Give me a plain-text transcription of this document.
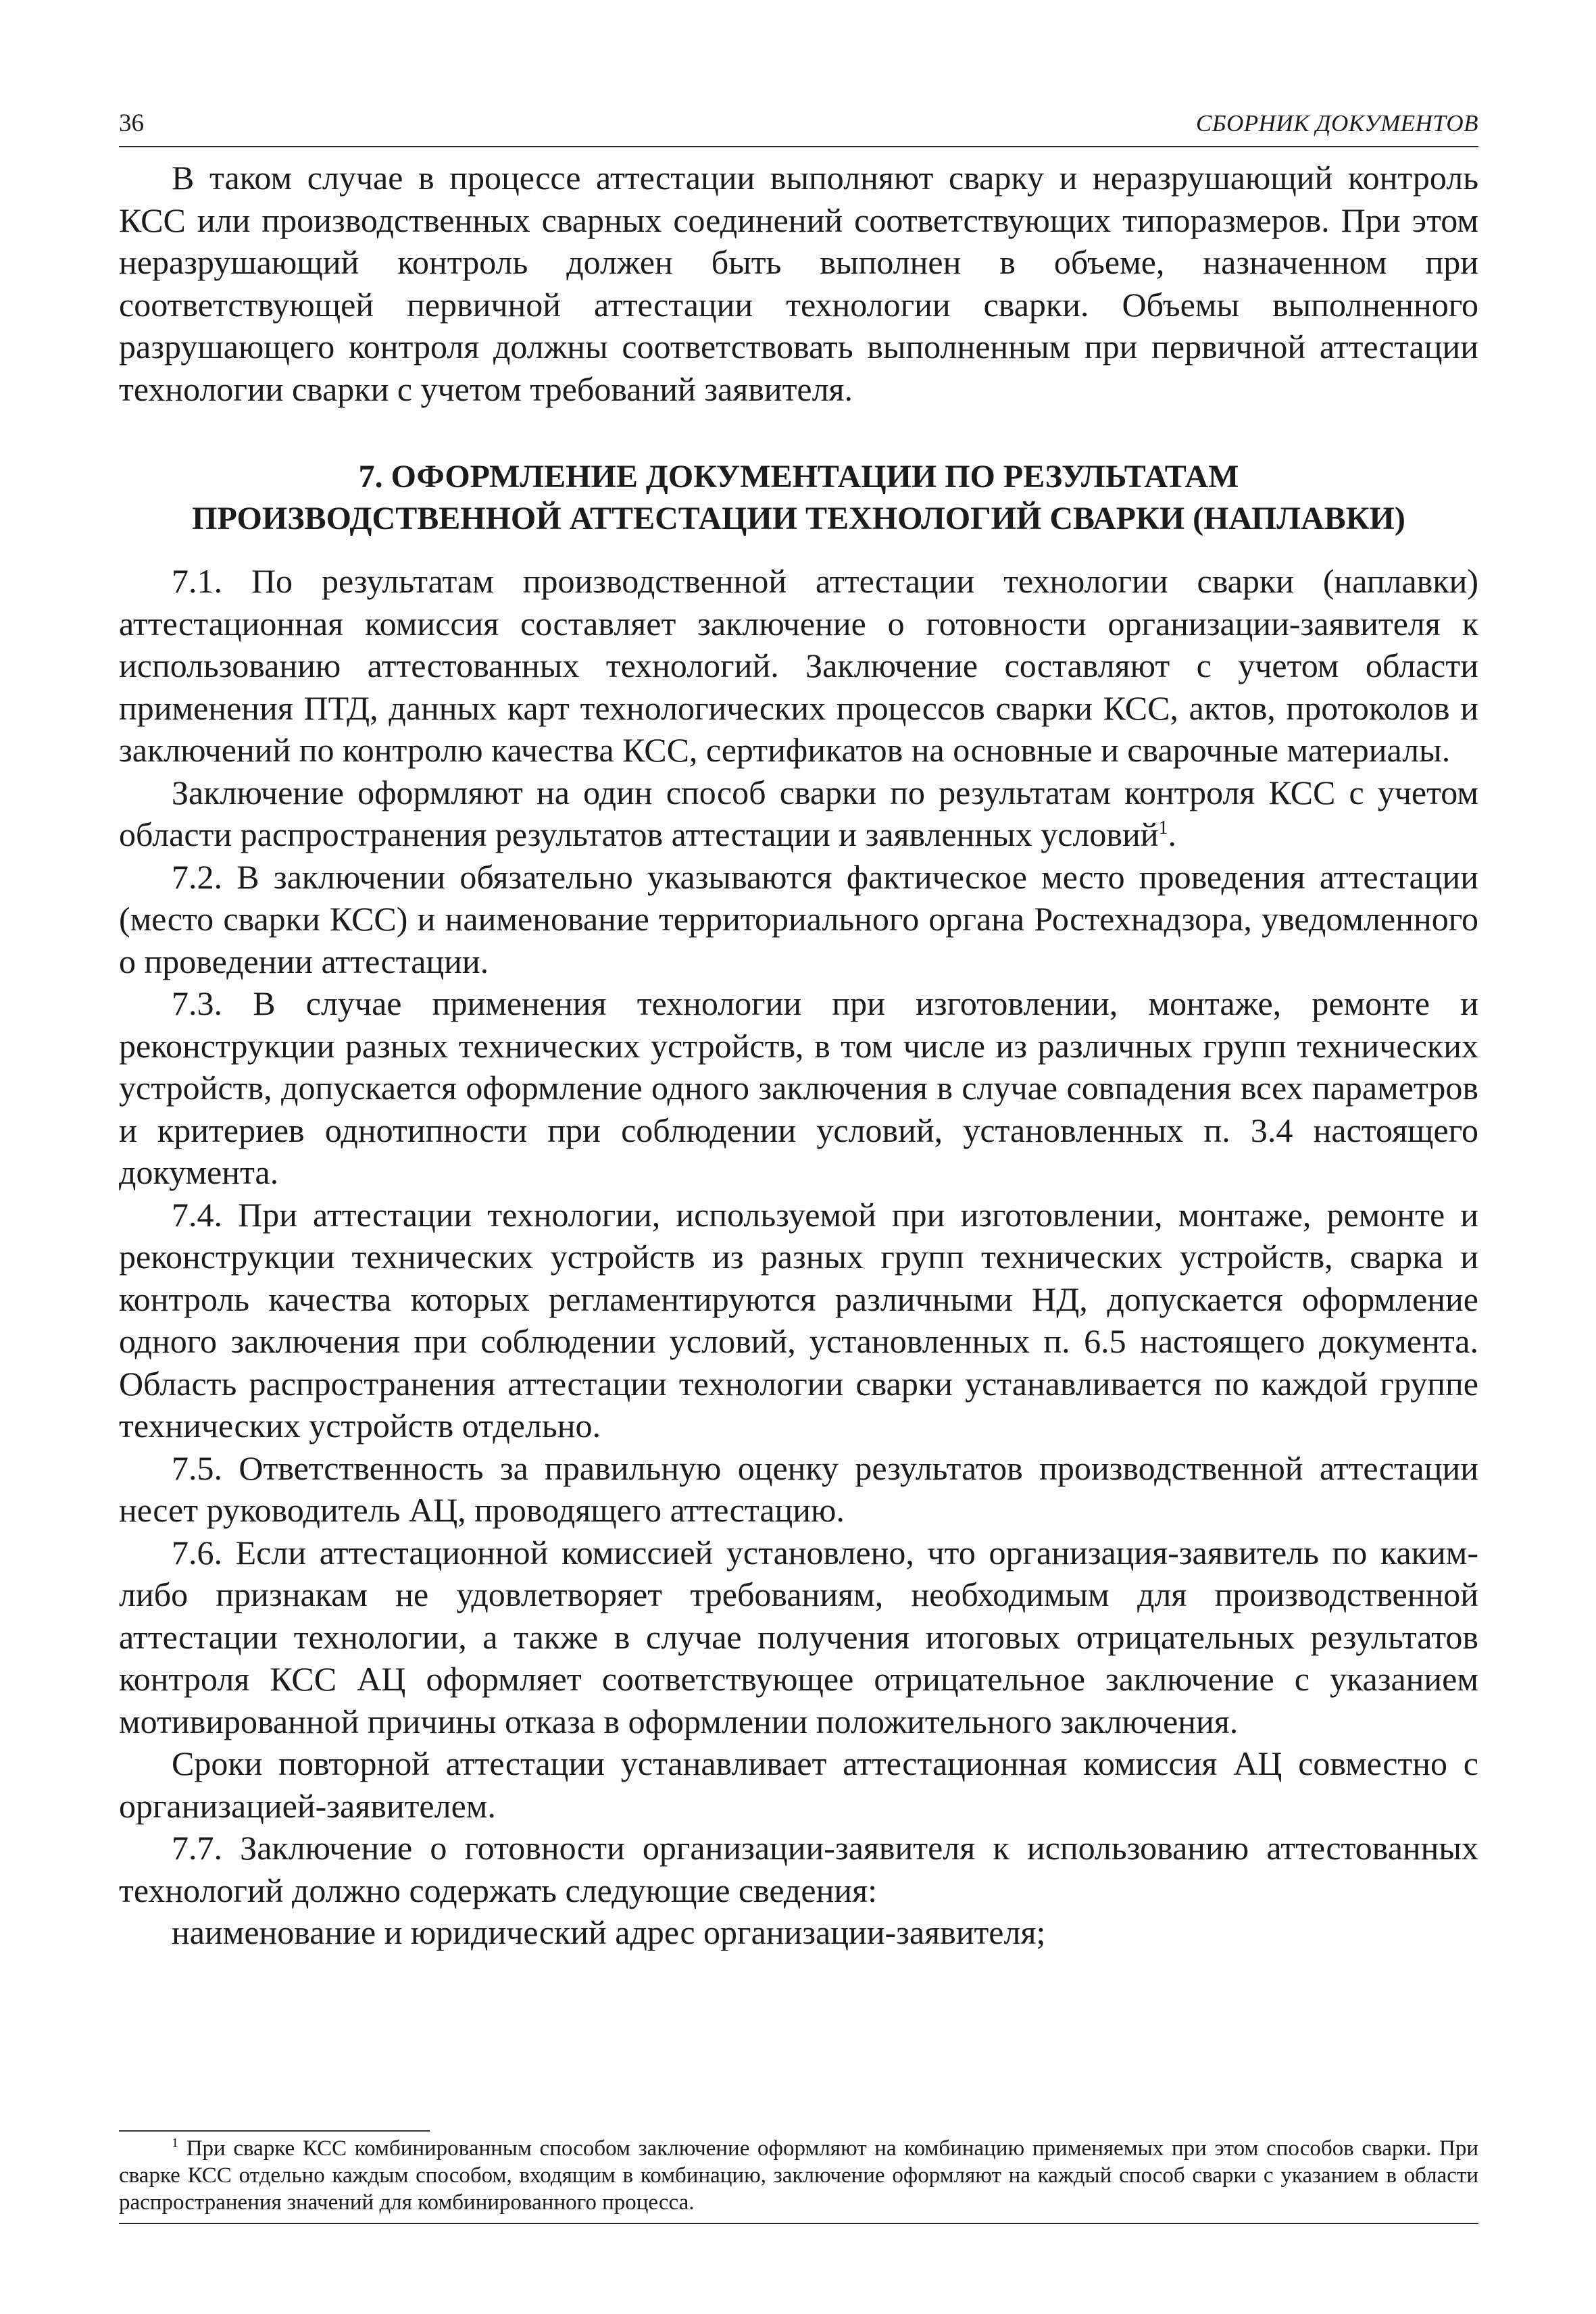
36	СБОРНИК ДОКУМЕНТОВ

В таком случае в процессе аттестации выполняют сварку и неразрушающий контроль КСС или производственных сварных соединений соответствующих типоразмеров. При этом неразрушающий контроль должен быть выполнен в объеме, назначенном при соответствующей первичной аттестации технологии сварки. Объемы выполненного разрушающего контроля должны соответствовать выполненным при первичной аттестации технологии сварки с учетом требований заявителя.

7. ОФОРМЛЕНИЕ ДОКУМЕНТАЦИИ ПО РЕЗУЛЬТАТАМ
ПРОИЗВОДСТВЕННОЙ АТТЕСТАЦИИ ТЕХНОЛОГИЙ СВАРКИ (НАПЛАВКИ)

7.1. По результатам производственной аттестации технологии сварки (наплавки) аттестационная комиссия составляет заключение о готовности организации-заявителя к использованию аттестованных технологий. Заключение составляют с учетом области применения ПТД, данных карт технологических процессов сварки КСС, актов, протоколов и заключений по контролю качества КСС, сертификатов на основные и сварочные материалы.

Заключение оформляют на один способ сварки по результатам контроля КСС с учетом области распространения результатов аттестации и заявленных условий$^1$.

7.2. В заключении обязательно указываются фактическое место проведения аттестации (место сварки КСС) и наименование территориального органа Ростехнадзора, уведомленного о проведении аттестации.

7.3. В случае применения технологии при изготовлении, монтаже, ремонте и реконструкции разных технических устройств, в том числе из различных групп технических устройств, допускается оформление одного заключения в случае совпадения всех параметров и критериев однотипности при соблюдении условий, установленных п. 3.4 настоящего документа.

7.4. При аттестации технологии, используемой при изготовлении, монтаже, ремонте и реконструкции технических устройств из разных групп технических устройств, сварка и контроль качества которых регламентируются различными НД, допускается оформление одного заключения при соблюдении условий, установленных п. 6.5 настоящего документа. Область распространения аттестации технологии сварки устанавливается по каждой группе технических устройств отдельно.

7.5. Ответственность за правильную оценку результатов производственной аттестации несет руководитель АЦ, проводящего аттестацию.

7.6. Если аттестационной комиссией установлено, что организация-заявитель по каким-либо признакам не удовлетворяет требованиям, необходимым для производственной аттестации технологии, а также в случае получения итоговых отрицательных результатов контроля КСС АЦ оформляет соответствующее отрицательное заключение с указанием мотивированной причины отказа в оформлении положительного заключения.

Сроки повторной аттестации устанавливает аттестационная комиссия АЦ совместно с организацией-заявителем.

7.7. Заключение о готовности организации-заявителя к использованию аттестованных технологий должно содержать следующие сведения:

наименование и юридический адрес организации-заявителя;

$^1$ При сварке КСС комбинированным способом заключение оформляют на комбинацию применяемых при этом способов сварки. При сварке КСС отдельно каждым способом, входящим в комбинацию, заключение оформляют на каждый способ сварки с указанием в области распространения значений для комбинированного процесса.
